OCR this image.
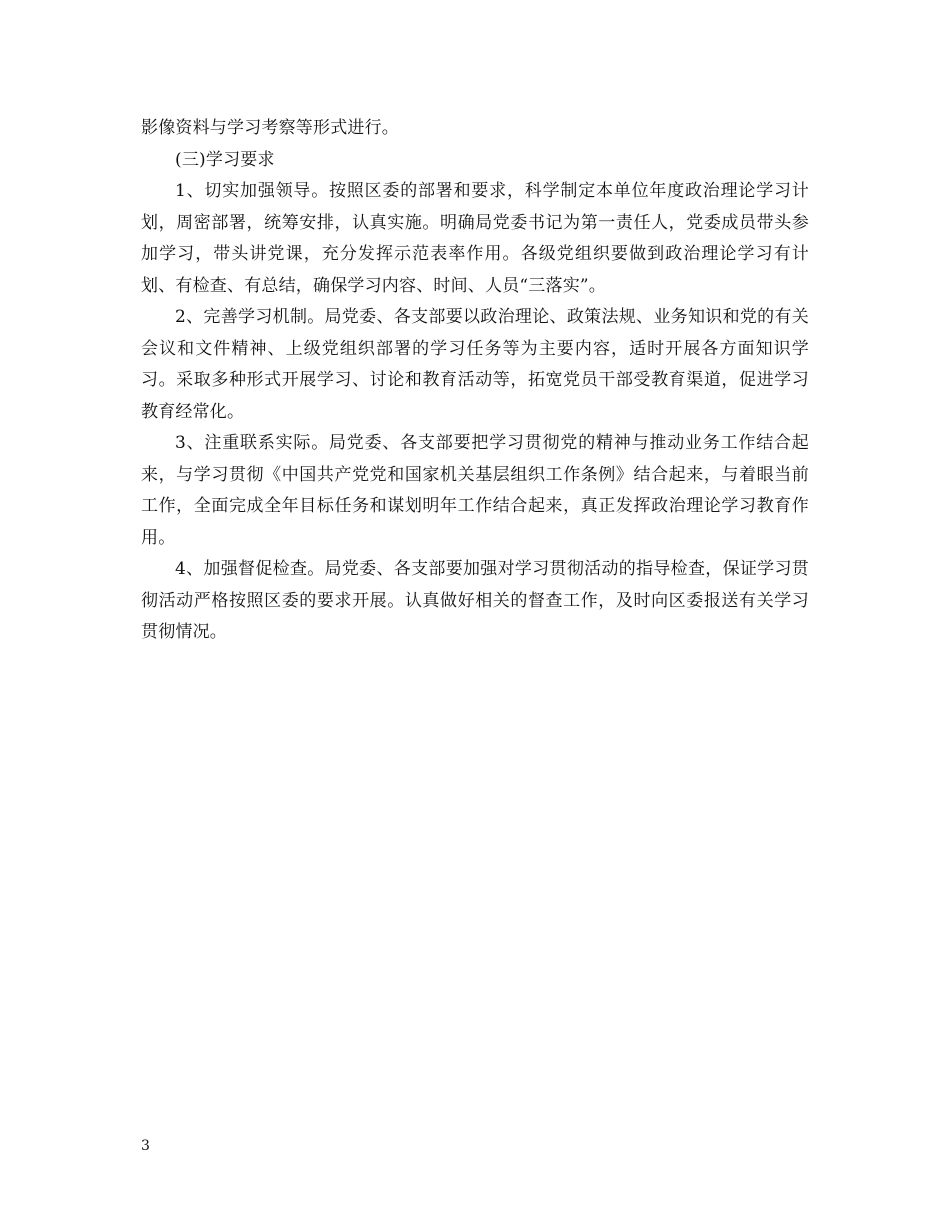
影像资料与学习考察等形式进行。

(三)学习要求

1、切实加强领导。按照区委的部署和要求，科学制定本单位年度政治理论学习计划，周密部署，统筹安排，认真实施。明确局党委书记为第一责任人，党委成员带头参加学习，带头讲党课，充分发挥示范表率作用。各级党组织要做到政治理论学习有计划、有检查、有总结，确保学习内容、时间、人员“三落实”。

2、完善学习机制。局党委、各支部要以政治理论、政策法规、业务知识和党的有关会议和文件精神、上级党组织部署的学习任务等为主要内容，适时开展各方面知识学习。采取多种形式开展学习、讨论和教育活动等，拓宽党员干部受教育渠道，促进学习教育经常化。

3、注重联系实际。局党委、各支部要把学习贯彻党的精神与推动业务工作结合起来，与学习贯彻《中国共产党党和国家机关基层组织工作条例》结合起来，与着眼当前工作，全面完成全年目标任务和谋划明年工作结合起来，真正发挥政治理论学习教育作用。

4、加强督促检查。局党委、各支部要加强对学习贯彻活动的指导检查，保证学习贯彻活动严格按照区委的要求开展。认真做好相关的督查工作，及时向区委报送有关学习贯彻情况。

3
